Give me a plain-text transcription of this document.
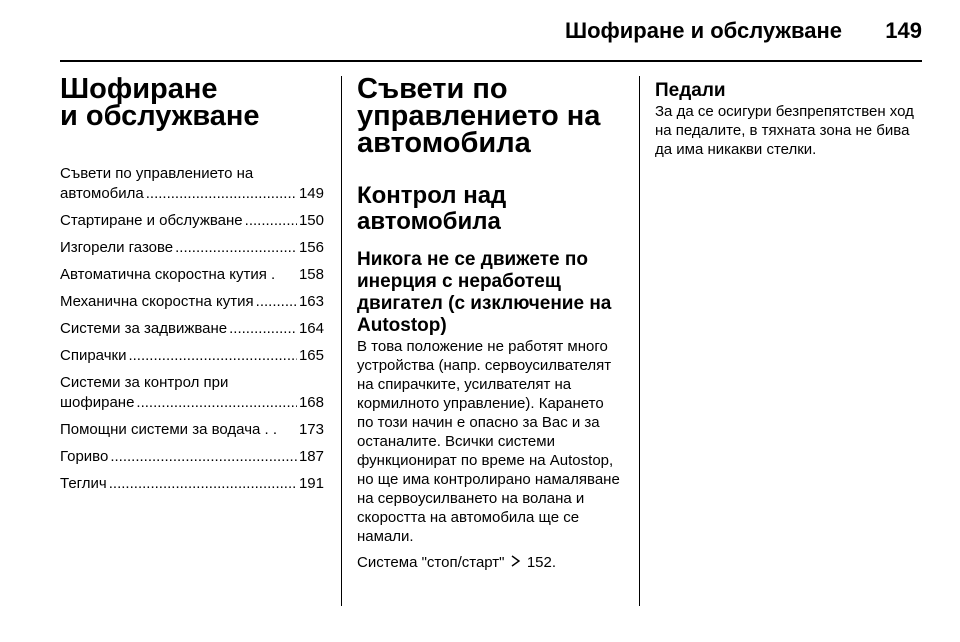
Шофиране и обслужване 149
Шофиране
и обслужване
Съвети по управлението на
автомобила .....	149
Стартиране и обслужване .....	150
Изгорели газове .....	156
Автоматична скоростна кутия . 158
Механична скоростна кутия .....	163
Системи за задвижване .....	164
Спирачки .....	165
Системи за контрол при
шофиране .....	168
Помощни системи за водача . . 173
Гориво .....	187
Теглич .....	191
Съвети по
управлението на
автомобила
Контрол над автомобила
Никога не се движете по инерция с неработещ двигател (с изключение на Autostop)

В това положение не работят много устройства (напр. сервоусилвателят на спирачките, усилвателят на кормилното управление). Карането по този начин е опасно за Вас и за останалите. Всички системи функционират по време на Autostop, но ще има контролирано намаляване на сервоусилването на волана и скоростта на автомобила ще се намали.

Система "стоп/старт" 152.

Педали

За да се осигури безпрепятствен ход на педалите, в тяхната зона не бива да има никакви стелки.
